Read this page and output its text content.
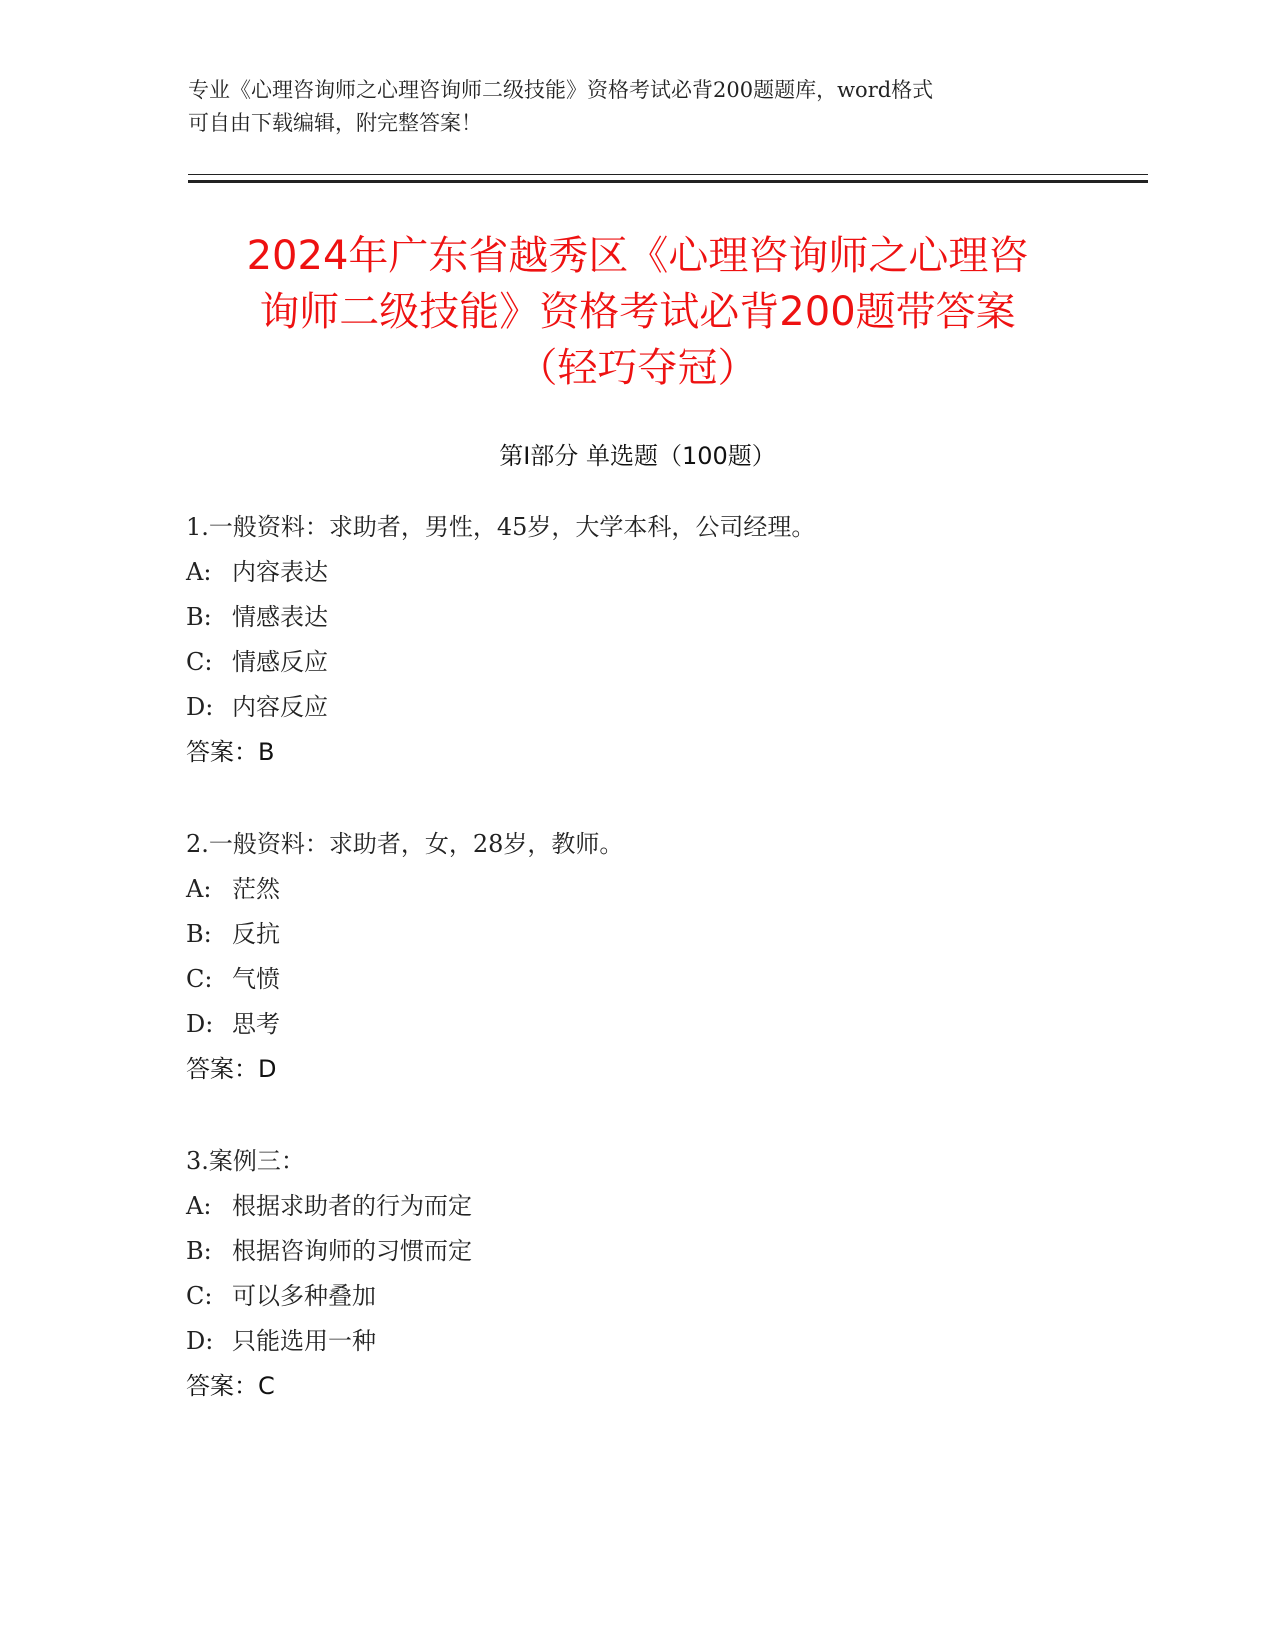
专业《心理咨询师之心理咨询师二级技能》资格考试必背200题题库，word格式
可自由下载编辑，附完整答案！
2024年广东省越秀区《心理咨询师之心理咨
询师二级技能》资格考试必背200题带答案
（轻巧夺冠）
第Ⅰ部分 单选题（100题）
1.一般资料：求助者，男性，45岁，大学本科，公司经理。
A: 内容表达
B: 情感表达
C: 情感反应
D: 内容反应
答案：B
2.一般资料：求助者，女，28岁，教师。
A: 茫然
B: 反抗
C: 气愤
D: 思考
答案：D
3.案例三：
A: 根据求助者的行为而定
B: 根据咨询师的习惯而定
C: 可以多种叠加
D: 只能选用一种
答案：C
